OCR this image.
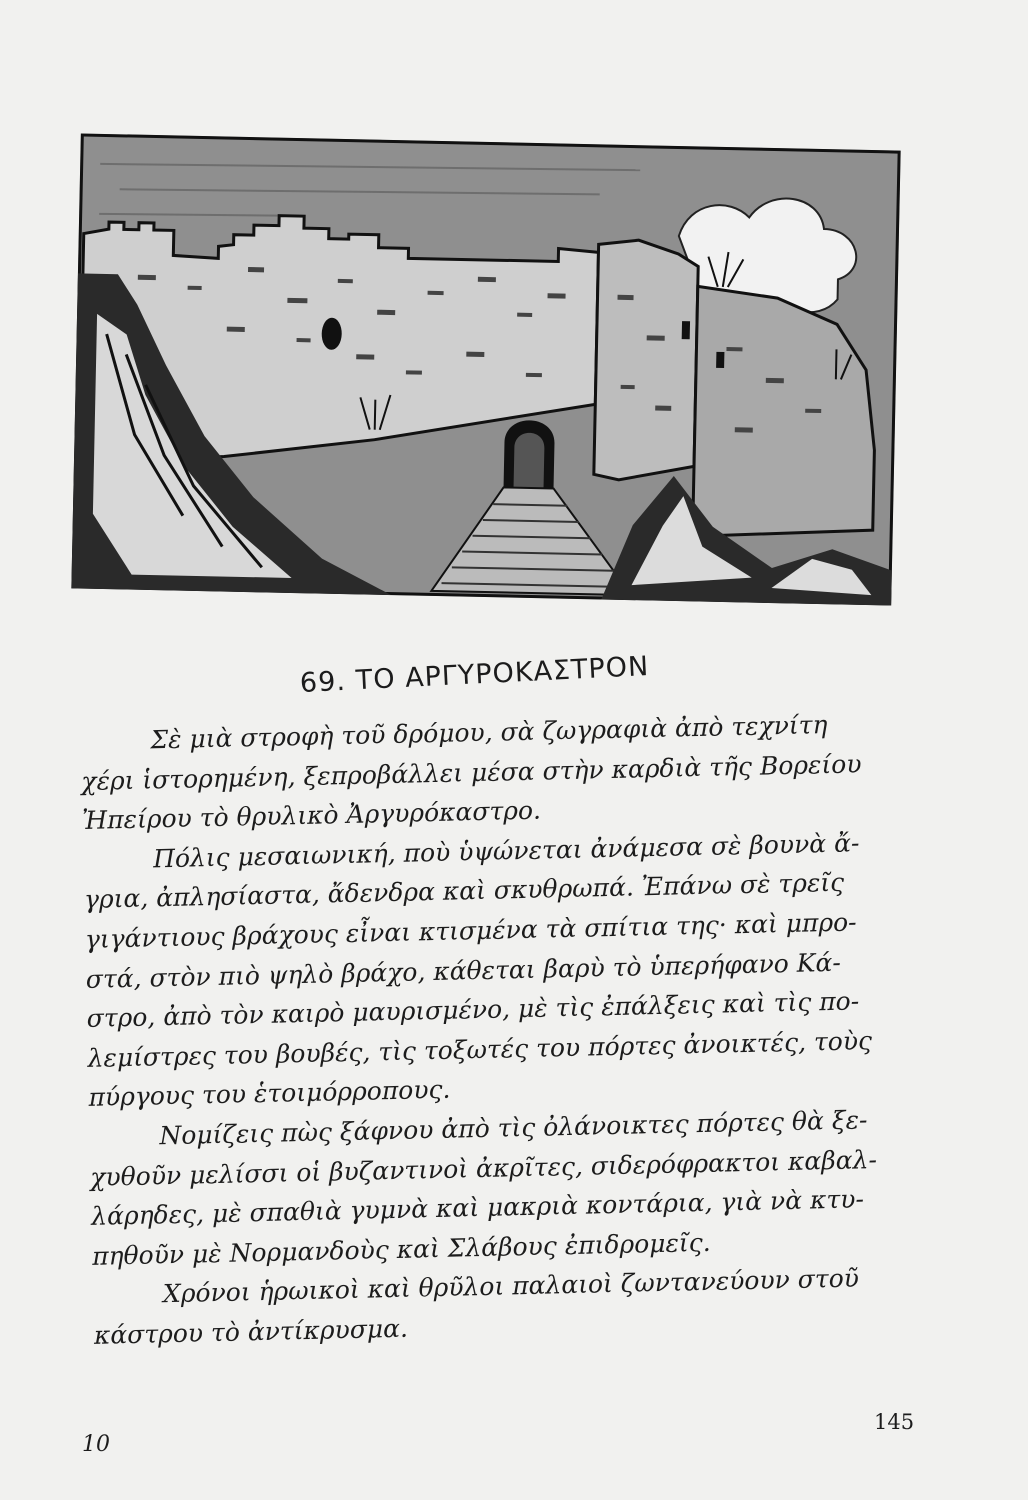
69. ΤΟ ΑΡΓΥΡΟΚΑΣΤΡΟΝ
Σὲ μιὰ στροφὴ τοῦ δρόμου, σὰ ζωγραφιὰ ἀπὸ τεχνίτη
χέρι ἱστορημένη, ξεπροβάλλει μέσα στὴν καρδιὰ τῆς Βορείου
Ἠπείρου τὸ θρυλικὸ Ἀργυρόκαστρο.
Πόλις μεσαιωνική, ποὺ ὑψώνεται ἀνάμεσα σὲ βουνὰ ἄ-
γρια, ἀπλησίαστα, ἄδενδρα καὶ σκυθρωπά. Ἐπάνω σὲ τρεῖς
γιγάντιους βράχους εἶναι κτισμένα τὰ σπίτια της· καὶ μπρο-
στά, στὸν πιὸ ψηλὸ βράχο, κάθεται βαρὺ τὸ ὑπερήφανο Κά-
στρο, ἀπὸ τὸν καιρὸ μαυρισμένο, μὲ τὶς ἐπάλξεις καὶ τὶς πο-
λεμίστρες του βουβές, τὶς τοξωτές του πόρτες ἀνοικτές, τοὺς
πύργους του ἑτοιμόρροπους.
Νομίζεις πὼς ξάφνου ἀπὸ τὶς ὀλάνοικτες πόρτες θὰ ξε-
χυθοῦν μελίσσι οἱ βυζαντινοὶ ἀκρῖτες, σιδερόφρακτοι καβαλ-
λάρηδες, μὲ σπαθιὰ γυμνὰ καὶ μακριὰ κοντάρια, γιὰ νὰ κτυ-
πηθοῦν μὲ Νορμανδοὺς καὶ Σλάβους ἐπιδρομεῖς.
Χρόνοι ἡρωικοὶ καὶ θρῦλοι παλαιοὶ ζωντανεύουν στοῦ
κάστρου τὸ ἀντίκρυσμα.
10
145
